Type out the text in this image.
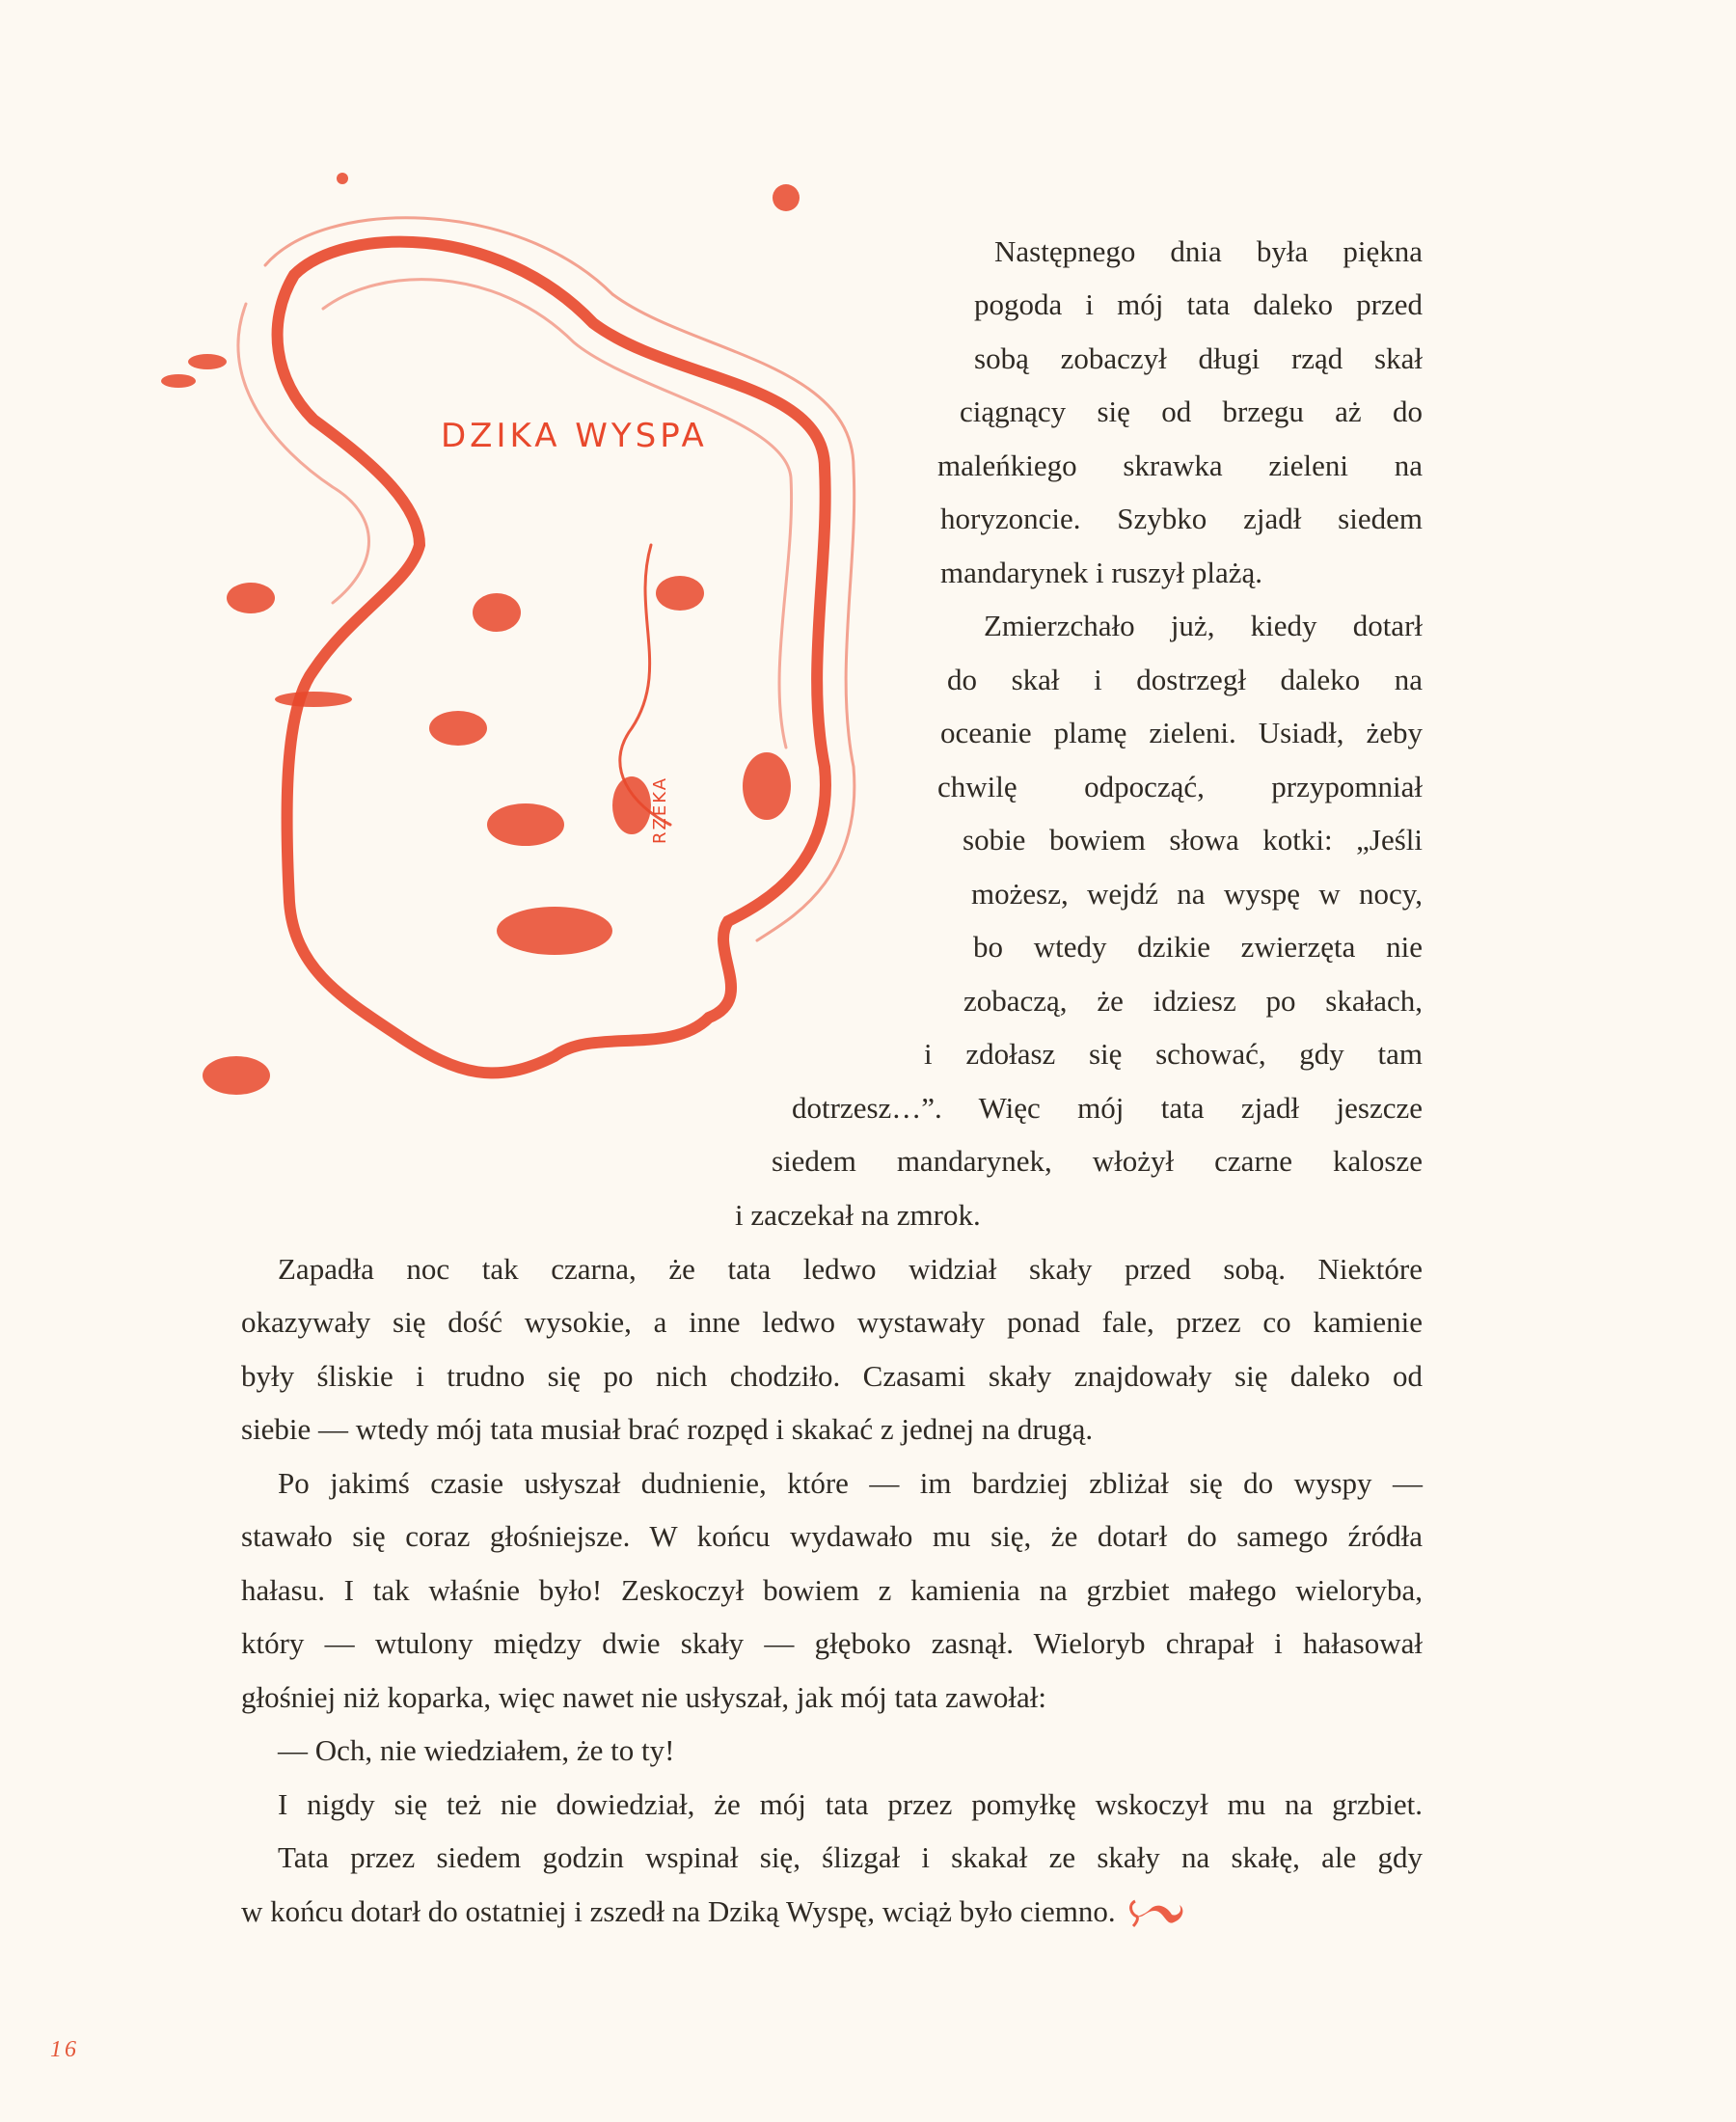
DZIKA WYSPA
RZEKA
Następnego dnia była piękna
pogoda i mój tata daleko przed
sobą zobaczył długi rząd skał
ciągnący się od brzegu aż do
maleńkiego skrawka zieleni na
horyzoncie. Szybko zjadł siedem
mandarynek i ruszył plażą.
Zmierzchało już, kiedy dotarł
do skał i dostrzegł daleko na
oceanie plamę zieleni. Usiadł, żeby
chwilę odpocząć, przypomniał
sobie bowiem słowa kotki: „Jeśli
możesz, wejdź na wyspę w nocy,
bo wtedy dzikie zwierzęta nie
zobaczą, że idziesz po skałach,
i zdołasz się schować, gdy tam
dotrzesz…”. Więc mój tata zjadł jeszcze
siedem mandarynek, włożył czarne kalosze
i zaczekał na zmrok.
Zapadła noc tak czarna, że tata ledwo widział skały przed sobą. Niektóre
okazywały się dość wysokie, a inne ledwo wystawały ponad fale, przez co kamienie
były śliskie i trudno się po nich chodziło. Czasami skały znajdowały się daleko od
siebie — wtedy mój tata musiał brać rozpęd i skakać z jednej na drugą.
Po jakimś czasie usłyszał dudnienie, które — im bardziej zbliżał się do wyspy —
stawało się coraz głośniejsze. W końcu wydawało mu się, że dotarł do samego źródła
hałasu. I tak właśnie było! Zeskoczył bowiem z kamienia na grzbiet małego wieloryba,
który — wtulony między dwie skały — głęboko zasnął. Wieloryb chrapał i hałasował
głośniej niż koparka, więc nawet nie usłyszał, jak mój tata zawołał:
— Och, nie wiedziałem, że to ty!
I nigdy się też nie dowiedział, że mój tata przez pomyłkę wskoczył mu na grzbiet.
Tata przez siedem godzin wspinał się, ślizgał i skakał ze skały na skałę, ale gdy
w końcu dotarł do ostatniej i zszedł na Dziką Wyspę, wciąż było ciemno.
16
